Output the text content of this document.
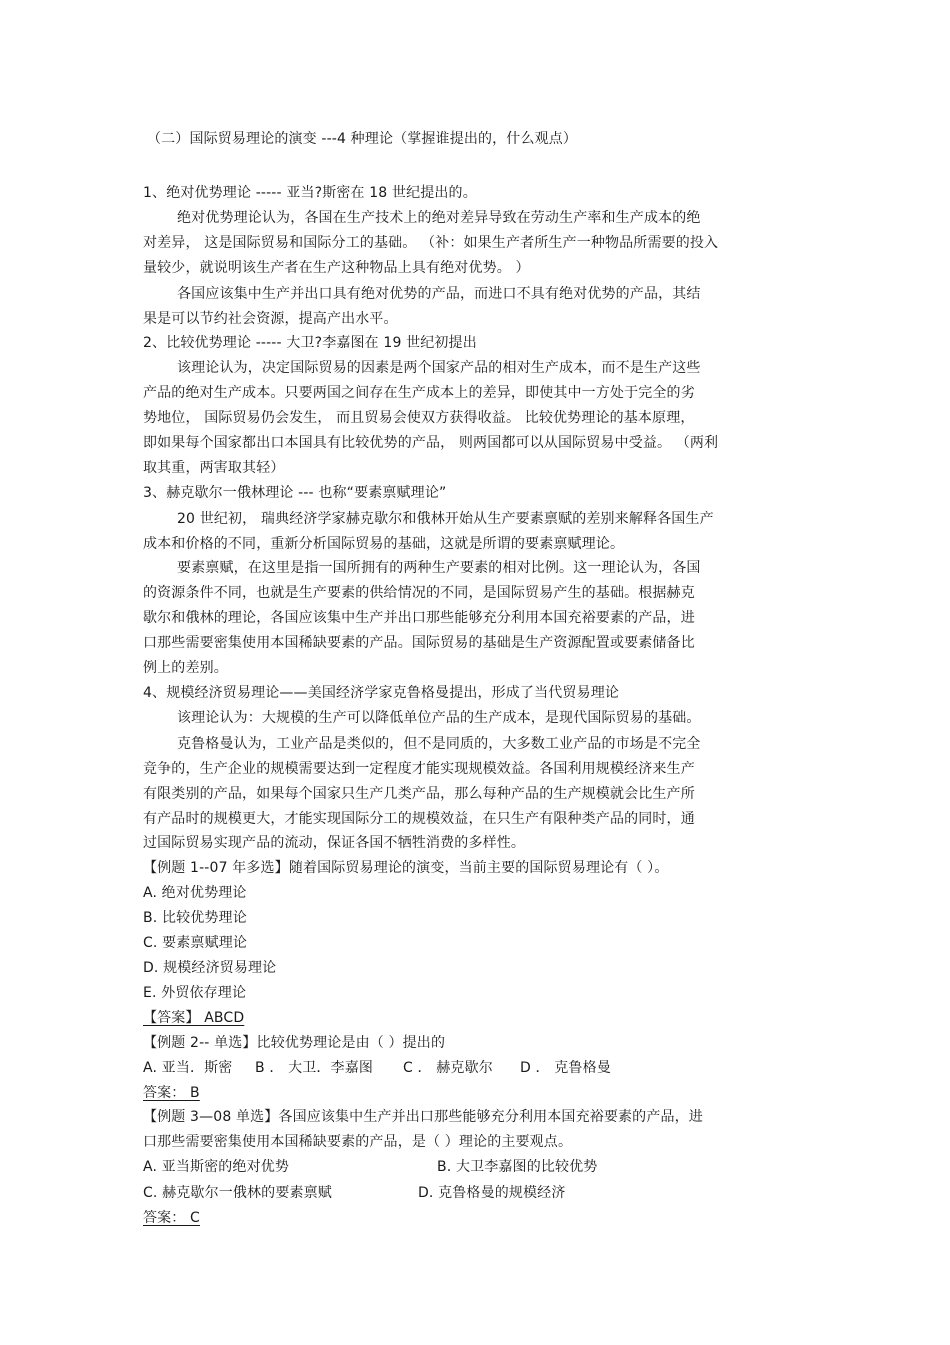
（二）国际贸易理论的演变 ---4 种理论（掌握谁提出的，什么观点）
1、绝对优势理论 ----- 亚当?斯密在 18 世纪提出的。
绝对优势理论认为，各国在生产技术上的绝对差异导致在劳动生产率和生产成本的绝
对差异， 这是国际贸易和国际分工的基础。 （补：如果生产者所生产一种物品所需要的投入
量较少，就说明该生产者在生产这种物品上具有绝对优势。 ）
各国应该集中生产并出口具有绝对优势的产品，而进口不具有绝对优势的产品，其结
果是可以节约社会资源，提高产出水平。
2、比较优势理论 ----- 大卫?李嘉图在 19 世纪初提出
该理论认为，决定国际贸易的因素是两个国家产品的相对生产成本，而不是生产这些
产品的绝对生产成本。只要两国之间存在生产成本上的差异，即使其中一方处于完全的劣
势地位， 国际贸易仍会发生， 而且贸易会使双方获得收益。 比较优势理论的基本原理，
即如果每个国家都出口本国具有比较优势的产品， 则两国都可以从国际贸易中受益。 （两利
取其重，两害取其轻）
3、赫克歇尔一俄林理论 --- 也称“要素禀赋理论”
20 世纪初， 瑞典经济学家赫克歇尔和俄林开始从生产要素禀赋的差别来解释各国生产
成本和价格的不同，重新分析国际贸易的基础，这就是所谓的要素禀赋理论。
要素禀赋，在这里是指一国所拥有的两种生产要素的相对比例。这一理论认为，各国
的资源条件不同，也就是生产要素的供给情况的不同，是国际贸易产生的基础。根据赫克
歇尔和俄林的理论，各国应该集中生产并出口那些能够充分利用本国充裕要素的产品，进
口那些需要密集使用本国稀缺要素的产品。国际贸易的基础是生产资源配置或要素储备比
例上的差别。
4、规模经济贸易理论——美国经济学家克鲁格曼提出，形成了当代贸易理论
该理论认为：大规模的生产可以降低单位产品的生产成本，是现代国际贸易的基础。
克鲁格曼认为，工业产品是类似的，但不是同质的，大多数工业产品的市场是不完全
竞争的，生产企业的规模需要达到一定程度才能实现规模效益。各国利用规模经济来生产
有限类别的产品，如果每个国家只生产几类产品，那么每种产品的生产规模就会比生产所
有产品时的规模更大，才能实现国际分工的规模效益，在只生产有限种类产品的同时，通
过国际贸易实现产品的流动，保证各国不牺牲消费的多样性。
【例题 1--07 年多选】随着国际贸易理论的演变，当前主要的国际贸易理论有（ ）。
A. 绝对优势理论
B. 比较优势理论
C. 要素禀赋理论
D. 规模经济贸易理论
E. 外贸依存理论
【答案】 ABCD
【例题 2-- 单选】比较优势理论是由（ ）提出的
A. 亚当．斯密 B ． 大卫．李嘉图 C ． 赫克歇尔 D ． 克鲁格曼
答案： B
【例题 3—08 单选】各国应该集中生产并出口那些能够充分利用本国充裕要素的产品，进
口那些需要密集使用本国稀缺要素的产品，是（ ）理论的主要观点。
A. 亚当斯密的绝对优势	B. 大卫李嘉图的比较优势
C. 赫克歇尔一俄林的要素禀赋	D. 克鲁格曼的规模经济
答案： C
